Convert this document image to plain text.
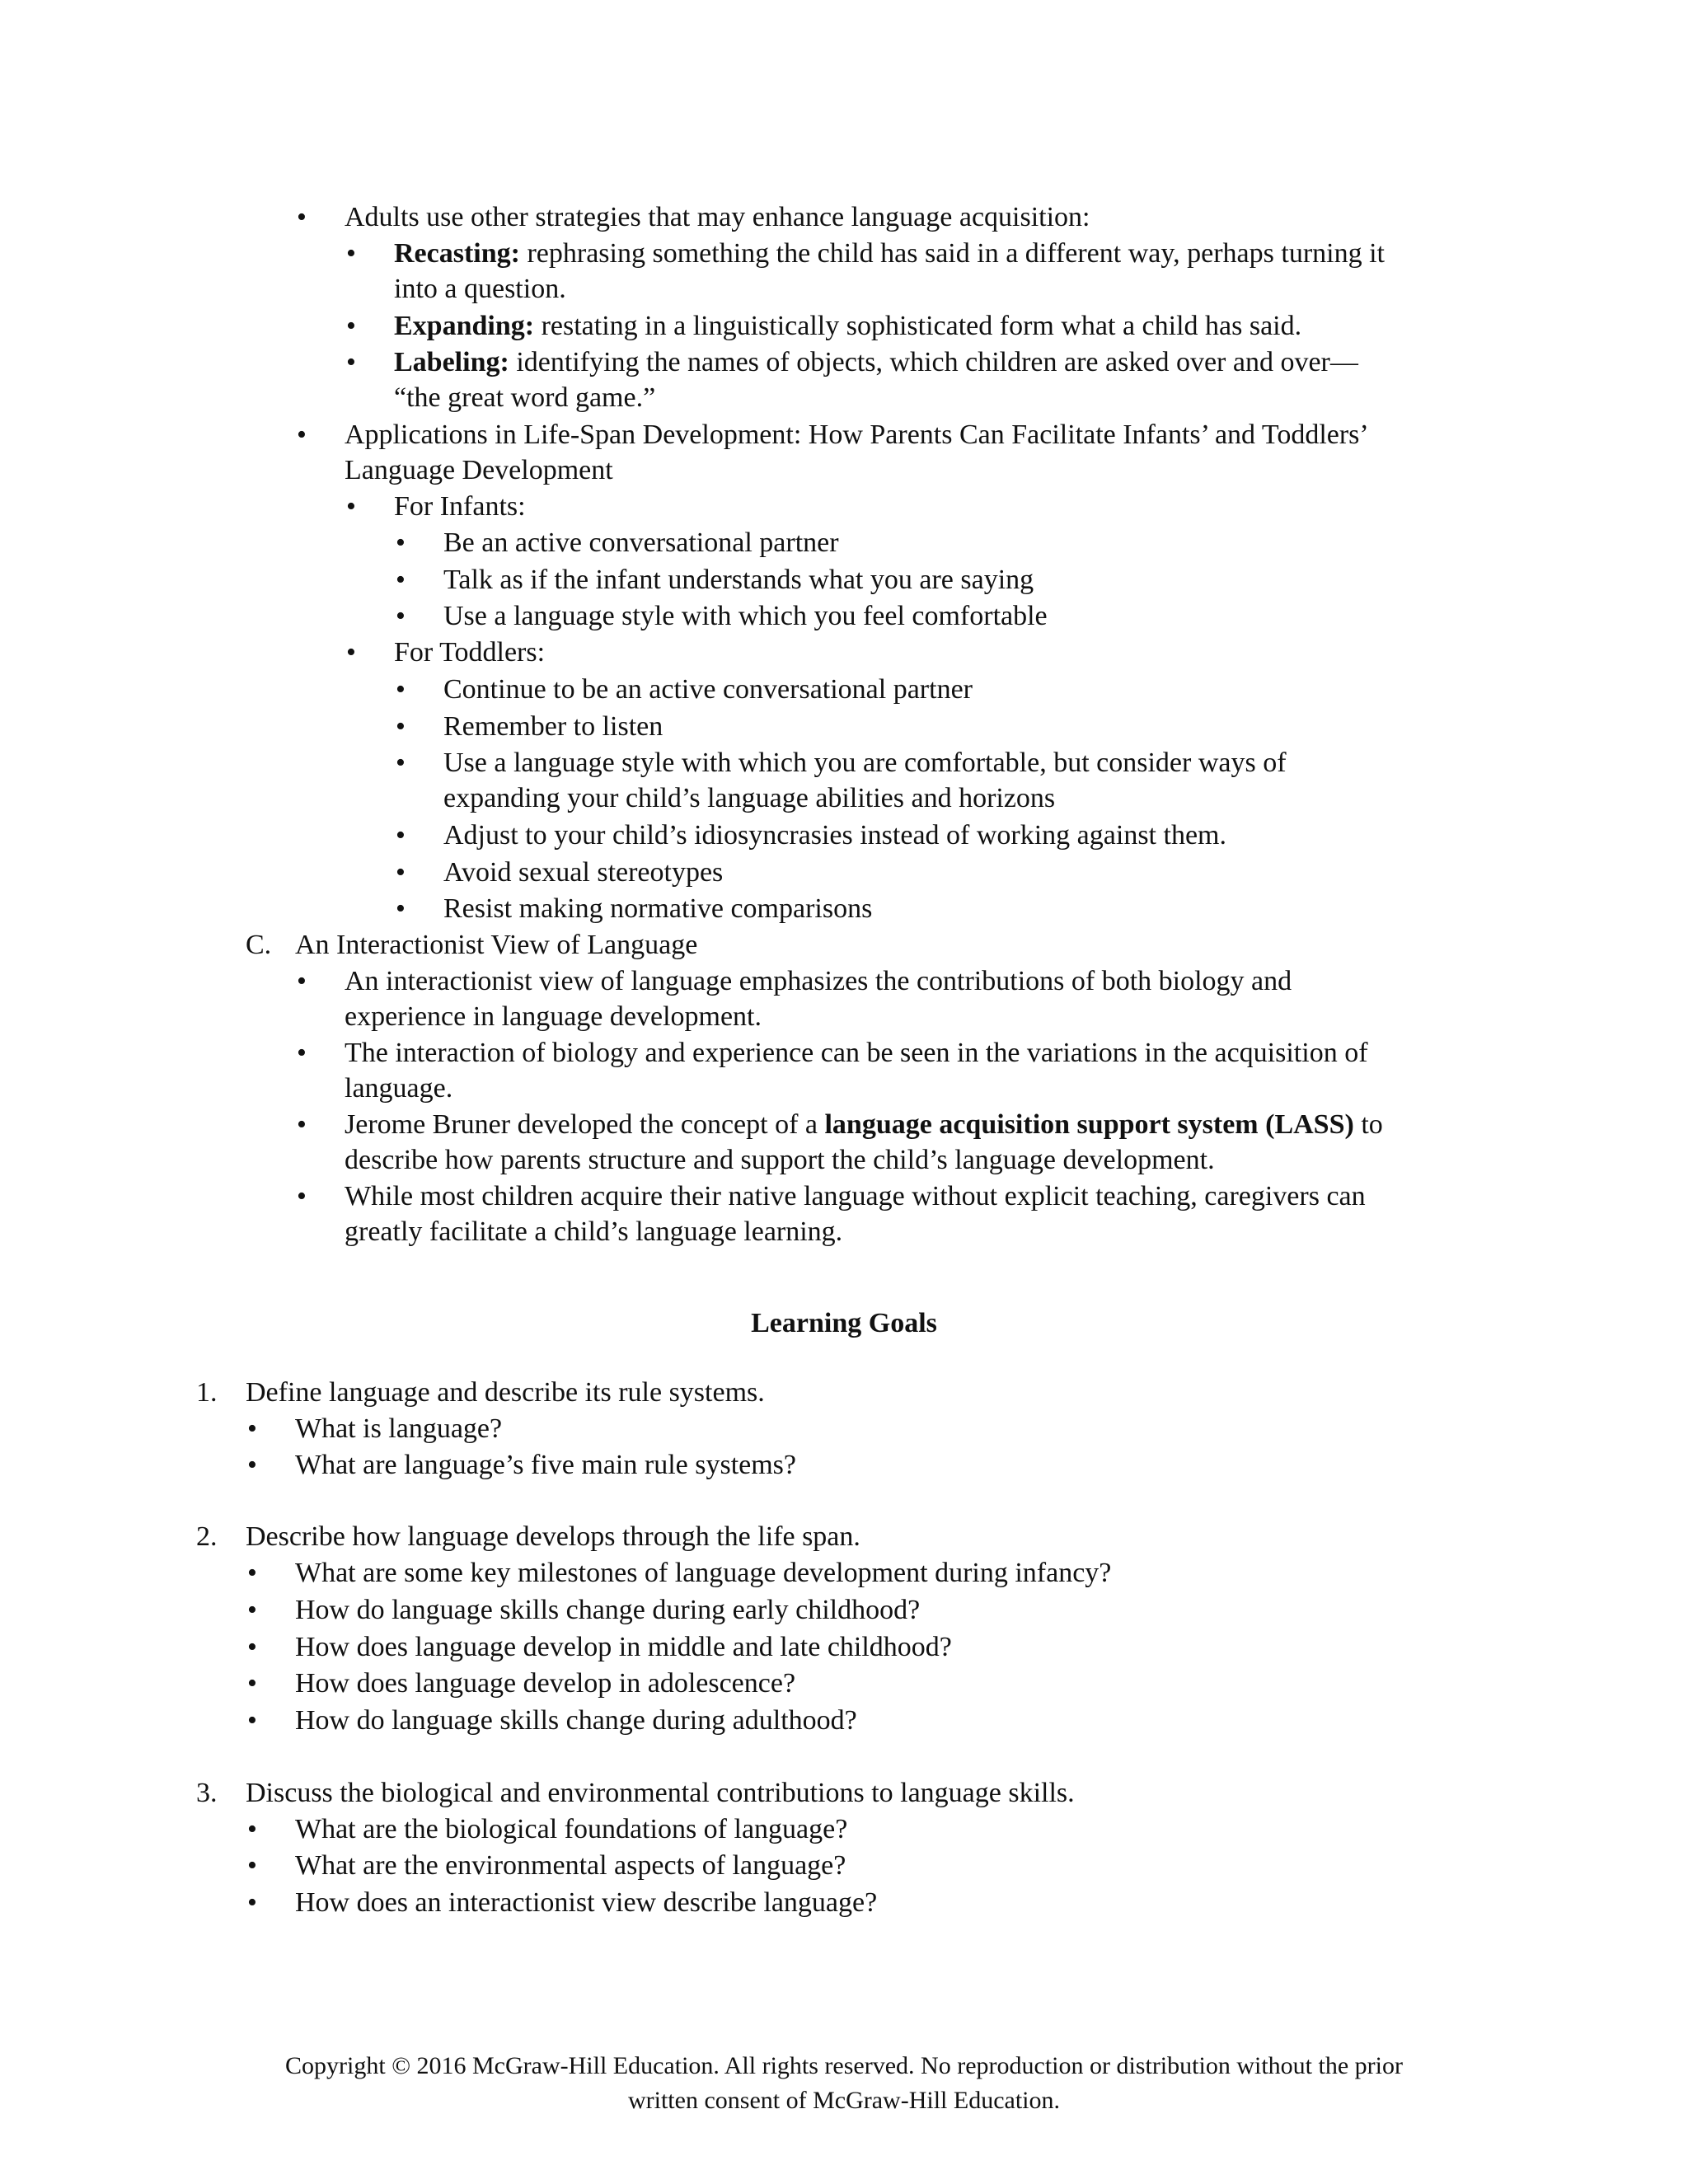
• Adults use other strategies that may enhance language acquisition:
• Recasting: rephrasing something the child has said in a different way, perhaps turning it
into a question.
• Expanding: restating in a linguistically sophisticated form what a child has said.
• Labeling: identifying the names of objects, which children are asked over and over—
“the great word game.”
• Applications in Life-Span Development: How Parents Can Facilitate Infants’ and Toddlers’
Language Development
• For Infants:
• Be an active conversational partner
• Talk as if the infant understands what you are saying
• Use a language style with which you feel comfortable
• For Toddlers:
• Continue to be an active conversational partner
• Remember to listen
• Use a language style with which you are comfortable, but consider ways of
expanding your child’s language abilities and horizons
• Adjust to your child’s idiosyncrasies instead of working against them.
• Avoid sexual stereotypes
• Resist making normative comparisons
C. An Interactionist View of Language
• An interactionist view of language emphasizes the contributions of both biology and
experience in language development.
• The interaction of biology and experience can be seen in the variations in the acquisition of
language.
• Jerome Bruner developed the concept of a language acquisition support system (LASS) to
describe how parents structure and support the child’s language development.
• While most children acquire their native language without explicit teaching, caregivers can
greatly facilitate a child’s language learning.
Learning Goals
1. Define language and describe its rule systems.
• What is language?
• What are language’s five main rule systems?
2. Describe how language develops through the life span.
• What are some key milestones of language development during infancy?
• How do language skills change during early childhood?
• How does language develop in middle and late childhood?
• How does language develop in adolescence?
• How do language skills change during adulthood?
3. Discuss the biological and environmental contributions to language skills.
• What are the biological foundations of language?
• What are the environmental aspects of language?
• How does an interactionist view describe language?
Copyright © 2016 McGraw-Hill Education. All rights reserved. No reproduction or distribution without the prior
written consent of McGraw-Hill Education.
